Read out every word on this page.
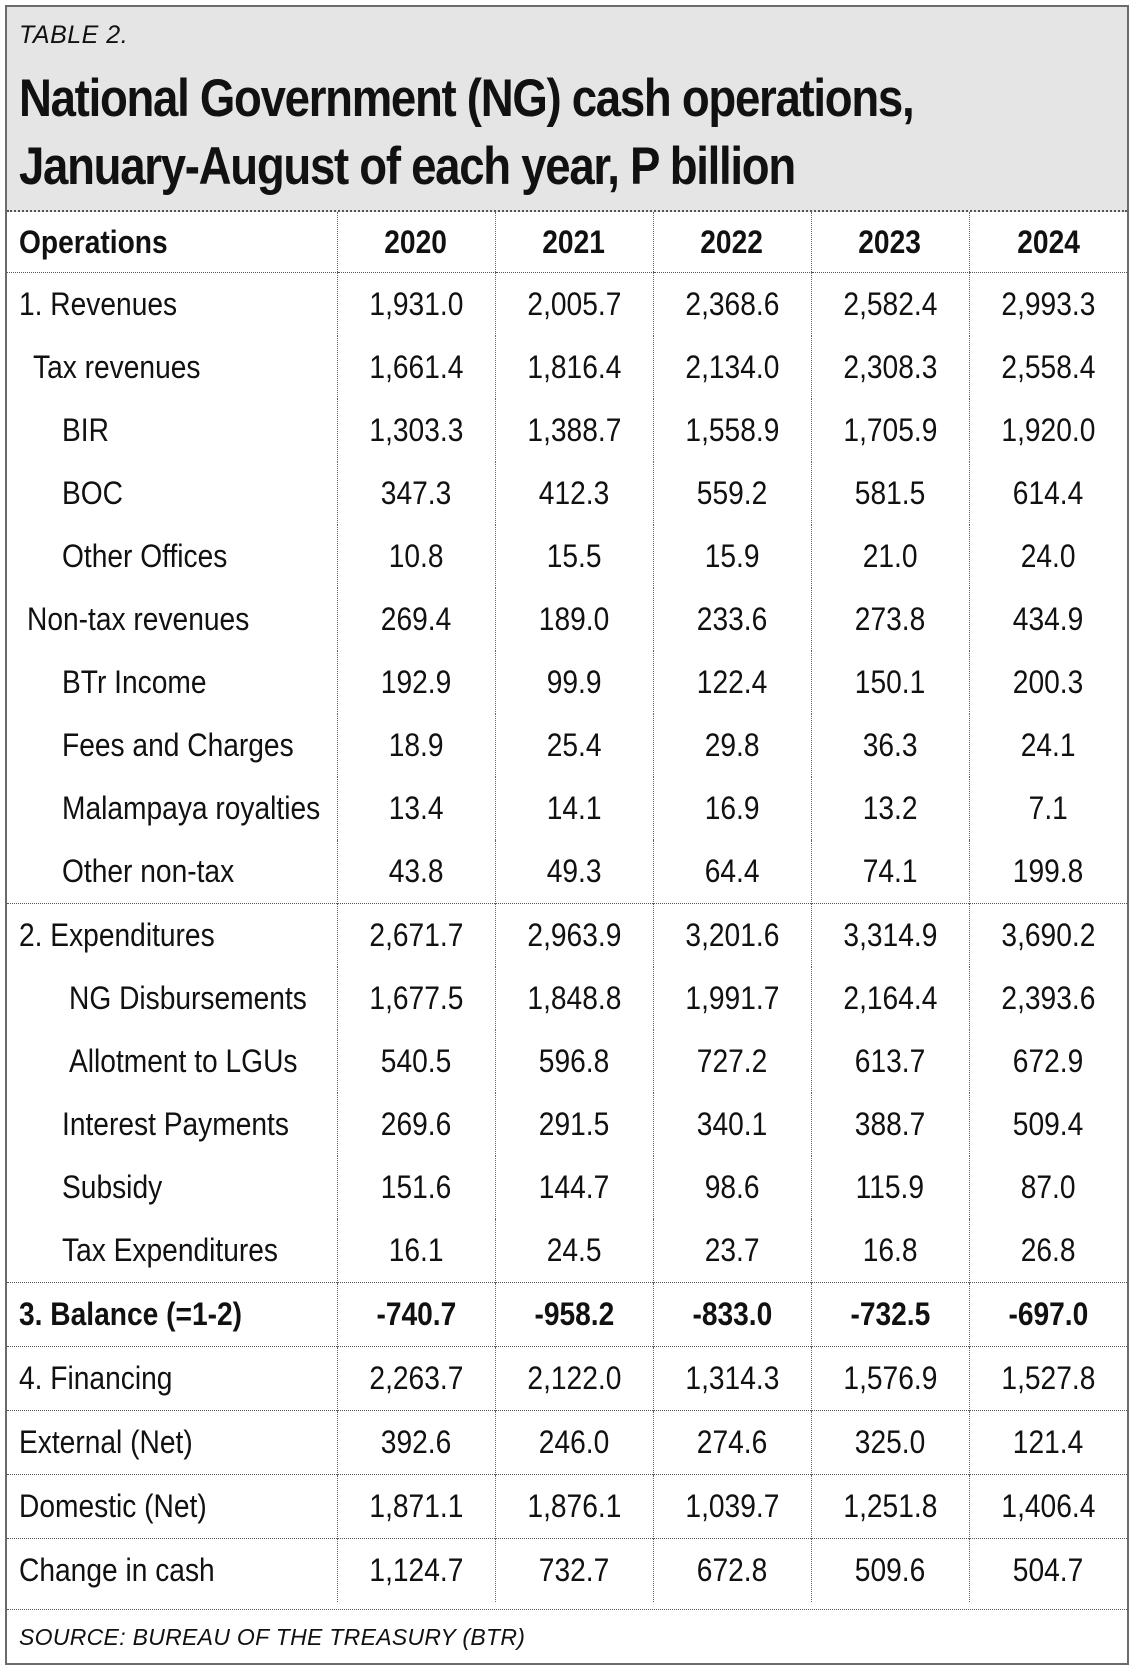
TABLE 2.
National Government (NG) cash operations,
January-August of each year, P billion
Operations	2020	2021	2022	2023	2024
1. Revenues	1,931.0	2,005.7	2,368.6	2,582.4	2,993.3
Tax revenues	1,661.4	1,816.4	2,134.0	2,308.3	2,558.4
BIR	1,303.3	1,388.7	1,558.9	1,705.9	1,920.0
BOC	347.3	412.3	559.2	581.5	614.4
Other Offices	10.8	15.5	15.9	21.0	24.0
Non-tax revenues	269.4	189.0	233.6	273.8	434.9
BTr Income	192.9	99.9	122.4	150.1	200.3
Fees and Charges	18.9	25.4	29.8	36.3	24.1
Malampaya royalties	13.4	14.1	16.9	13.2	7.1
Other non-tax	43.8	49.3	64.4	74.1	199.8
2. Expenditures	2,671.7	2,963.9	3,201.6	3,314.9	3,690.2
NG Disbursements	1,677.5	1,848.8	1,991.7	2,164.4	2,393.6
Allotment to LGUs	540.5	596.8	727.2	613.7	672.9
Interest Payments	269.6	291.5	340.1	388.7	509.4
Subsidy	151.6	144.7	98.6	115.9	87.0
Tax Expenditures	16.1	24.5	23.7	16.8	26.8
3. Balance (=1-2)	-740.7	-958.2	-833.0	-732.5	-697.0
4. Financing	2,263.7	2,122.0	1,314.3	1,576.9	1,527.8
External (Net)	392.6	246.0	274.6	325.0	121.4
Domestic (Net)	1,871.1	1,876.1	1,039.7	1,251.8	1,406.4
Change in cash	1,124.7	732.7	672.8	509.6	504.7
SOURCE: BUREAU OF THE TREASURY (BTR)
